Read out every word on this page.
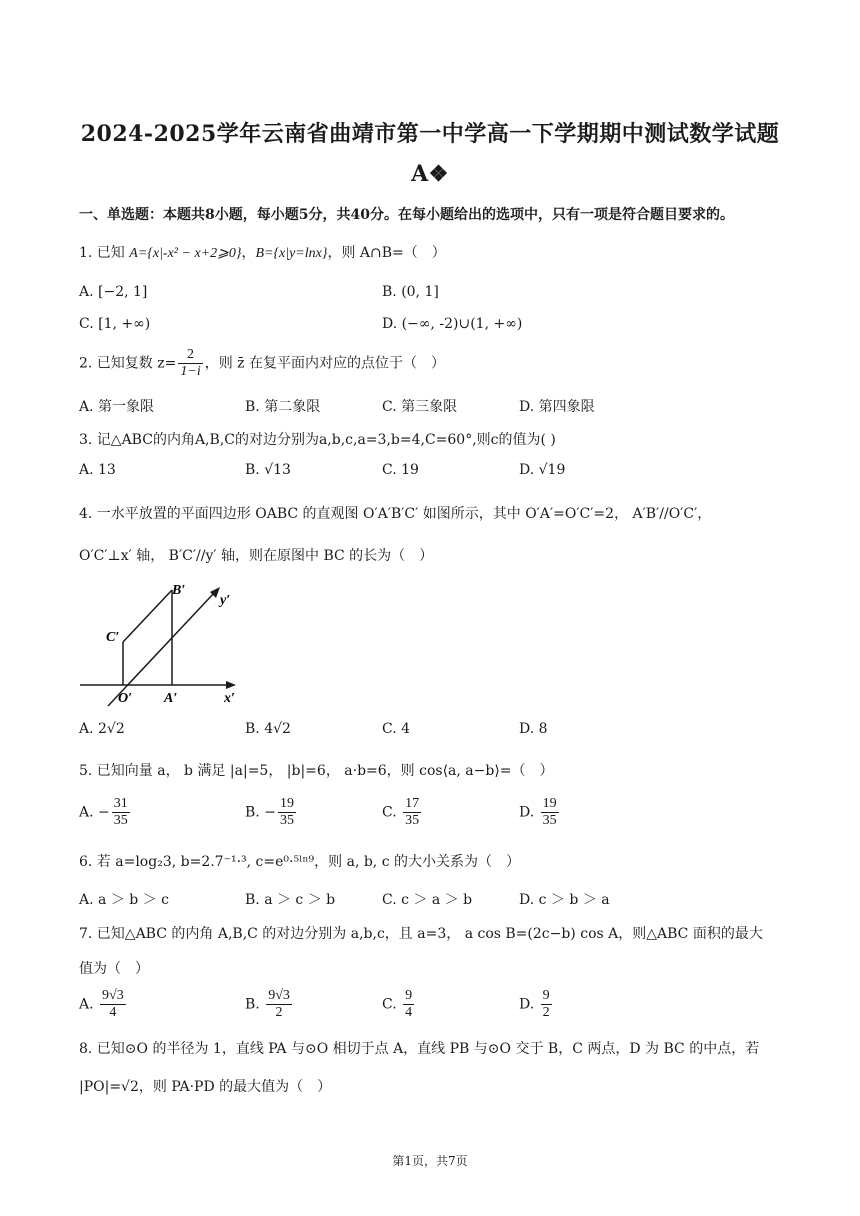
2024-2025学年云南省曲靖市第一中学高一下学期期中测试数学试题
A❖
一、单选题：本题共8小题，每小题5分，共40分。在每小题给出的选项中，只有一项是符合题目要求的。
1. 已知 A={x|-x² − x+2⩾0}，B={x|y=lnx}，则 A∩B=（　）
A. [−2, 1]	B. (0, 1]
C. [1, +∞)	D. (−∞, -2)∪(1, +∞)
2. 已知复数 $z= \frac{2}{1-i}$ ，则 z̄ 在复平面内对应的点位于（　）
A. 第一象限	B. 第二象限	C. 第三象限	D. 第四象限
3. 记△ABC的内角A,B,C的对边分别为a,b,c,a=3,b=4,C=60°,则c的值为( )
A. 13	B. √13	C. 19	D. √19
4. 一水平放置的平面四边形 OABC 的直观图 O′A′B′C′ 如图所示，其中 O′A′=O′C′=2， A′B′//O′C′，
O′C′⊥x′ 轴， B′C′//y′ 轴，则在原图中 BC 的长为（　）
B′
C′
O′ A′	x′
y′
A. 2√2	B. 4√2	C. 4	D. 8
5. 已知向量 a， b 满足 |a|=5， |b|=6， a·b=6，则 cos⟨a, a−b⟩=（　）
A. − $\frac{31}{35}$	B. − $\frac{19}{35}$	C. $\frac{17}{35}$	D. $\frac{19}{35}$
6. 若 a=log₂3, b=2.7⁻¹·³, c=e⁰·⁵ˡⁿ⁹，则 a, b, c 的大小关系为（　）
A. a ＞ b ＞ c	B. a ＞ c ＞ b	C. c ＞ a ＞ b	D. c ＞ b ＞ a
7. 已知△ABC 的内角 A,B,C 的对边分别为 a,b,c，且 a=3， a cos B=(2c−b) cos A，则△ABC 面积的最大
值为（　）
A. $\frac{9√3}{4}$	B. $\frac{9√3}{2}$	C. $\frac{9}{4}$	D. $\frac{9}{2}$
8. 已知⊙O 的半径为 1，直线 PA 与⊙O 相切于点 A，直线 PB 与⊙O 交于 B，C 两点，D 为 BC 的中点，若
|PO|=√2，则 PA·PD 的最大值为（　）
第1页，共7页
